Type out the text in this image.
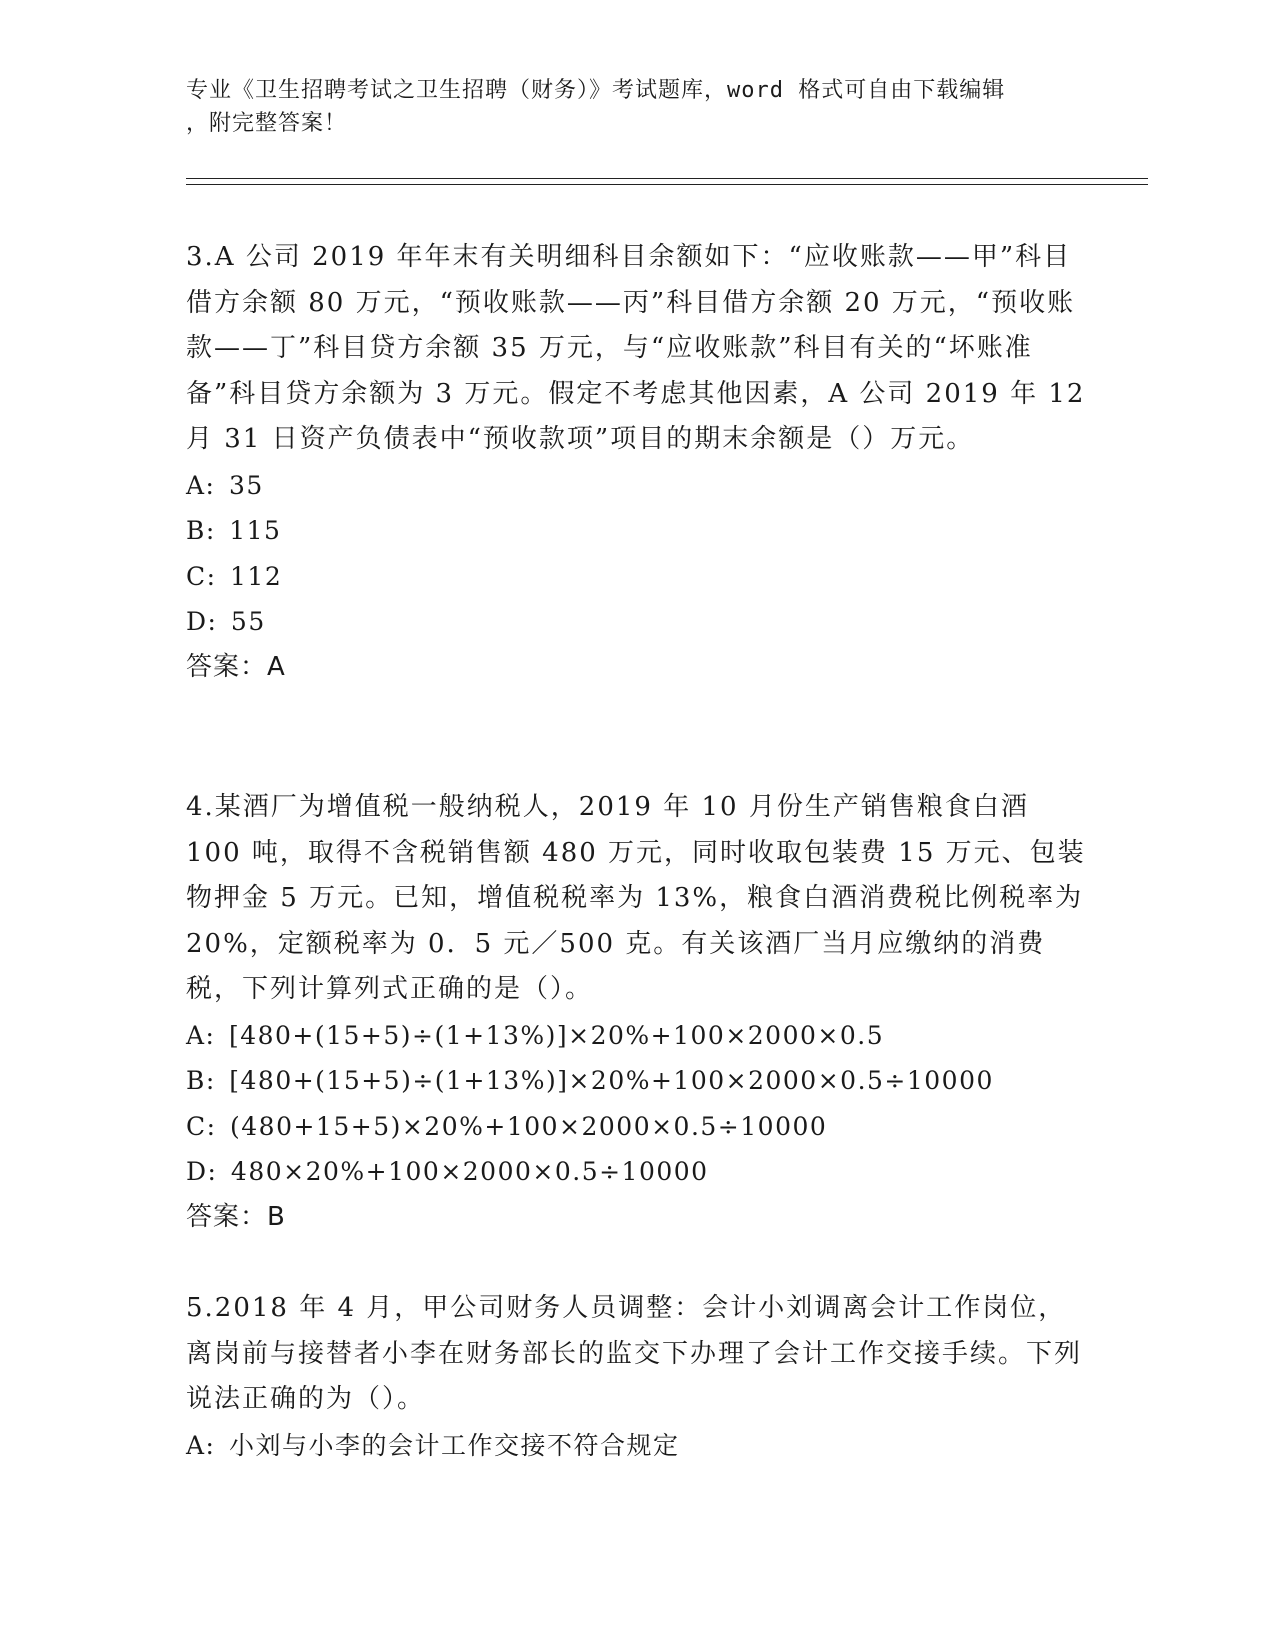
专业《卫生招聘考试之卫生招聘（财务）》考试题库，word 格式可自由下载编辑
，附完整答案！

3.A 公司 2019 年年末有关明细科目余额如下：“应收账款——甲”科目借方余额 80 万元，“预收账款——丙”科目借方余额 20 万元，“预收账款——丁”科目贷方余额 35 万元，与“应收账款”科目有关的“坏账准备”科目贷方余额为 3 万元。假定不考虑其他因素，A 公司 2019 年 12 月 31 日资产负债表中“预收款项”项目的期末余额是（）万元。

A: 35
B: 115
C: 112
D: 55
答案：A

4.某酒厂为增值税一般纳税人，2019 年 10 月份生产销售粮食白酒 100 吨，取得不含税销售额 480 万元，同时收取包装费 15 万元、包装物押金 5 万元。已知，增值税税率为 13%，粮食白酒消费税比例税率为 20%，定额税率为 0．5 元／500 克。有关该酒厂当月应缴纳的消费税，下列计算列式正确的是（）。

A: [480+(15+5)÷(1+13%)]×20%+100×2000×0.5
B: [480+(15+5)÷(1+13%)]×20%+100×2000×0.5÷10000
C: (480+15+5)×20%+100×2000×0.5÷10000
D: 480×20%+100×2000×0.5÷10000
答案：B

5.2018 年 4 月，甲公司财务人员调整：会计小刘调离会计工作岗位，离岗前与接替者小李在财务部长的监交下办理了会计工作交接手续。下列说法正确的为（）。

A: 小刘与小李的会计工作交接不符合规定
